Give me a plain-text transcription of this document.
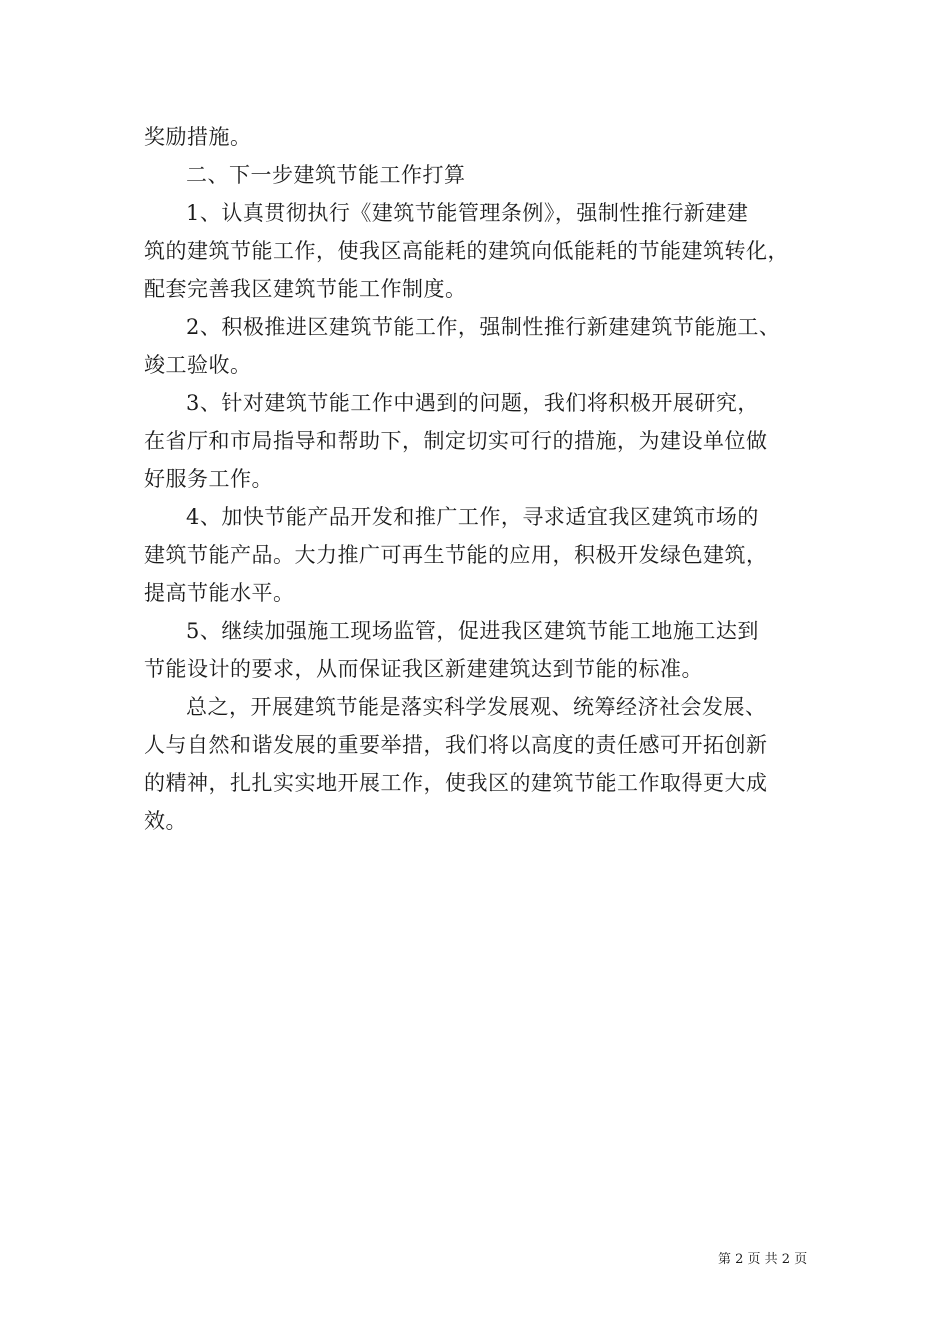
奖励措施。

二、下一步建筑节能工作打算

1、认真贯彻执行《建筑节能管理条例》，强制性推行新建建
筑的建筑节能工作，使我区高能耗的建筑向低能耗的节能建筑转化，
配套完善我区建筑节能工作制度。

2、积极推进区建筑节能工作，强制性推行新建建筑节能施工、
竣工验收。

3、针对建筑节能工作中遇到的问题，我们将积极开展研究，
在省厅和市局指导和帮助下，制定切实可行的措施，为建设单位做
好服务工作。

4、加快节能产品开发和推广工作，寻求适宜我区建筑市场的
建筑节能产品。大力推广可再生节能的应用，积极开发绿色建筑，
提高节能水平。

5、继续加强施工现场监管，促进我区建筑节能工地施工达到
节能设计的要求，从而保证我区新建建筑达到节能的标准。

总之，开展建筑节能是落实科学发展观、统筹经济社会发展、
人与自然和谐发展的重要举措，我们将以高度的责任感可开拓创新
的精神，扎扎实实地开展工作，使我区的建筑节能工作取得更大成
效。

第 2 页 共 2 页
